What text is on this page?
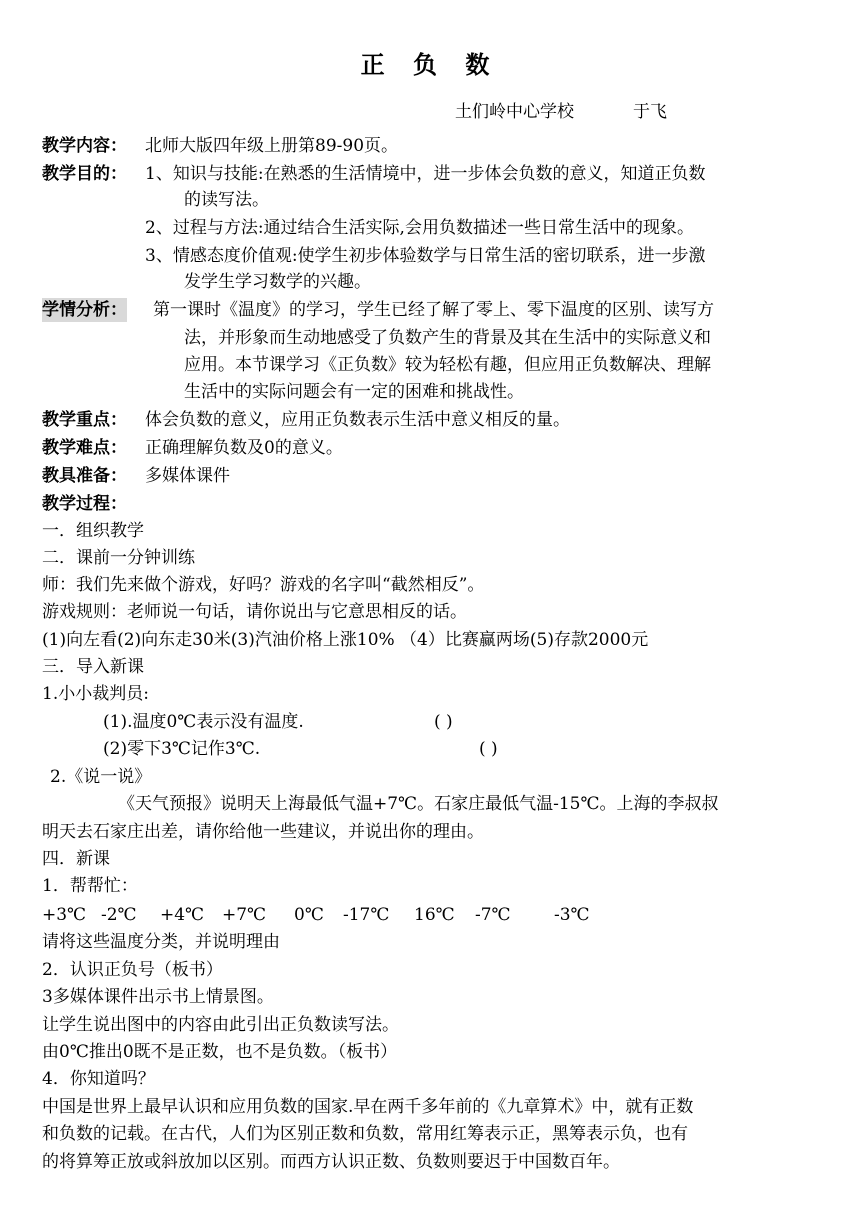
正 负 数
土们岭中心学校	于飞
教学内容： 北师大版四年级上册第89-90页。
教学目的： 1、知识与技能:在熟悉的生活情境中，进一步体会负数的意义，知道正负数
的读写法。
2、过程与方法:通过结合生活实际,会用负数描述一些日常生活中的现象。
3、情感态度价值观:使学生初步体验数学与日常生活的密切联系，进一步激
发学生学习数学的兴趣。
学情分析： 第一课时《温度》的学习，学生已经了解了零上、零下温度的区别、读写方
法，并形象而生动地感受了负数产生的背景及其在生活中的实际意义和
应用。本节课学习《正负数》较为轻松有趣，但应用正负数解决、理解
生活中的实际问题会有一定的困难和挑战性。
教学重点： 体会负数的意义，应用正负数表示生活中意义相反的量。
教学难点： 正确理解负数及0的意义。
教具准备： 多媒体课件
教学过程：
一．组织教学
二．课前一分钟训练
师：我们先来做个游戏，好吗？游戏的名字叫“截然相反”。
游戏规则：老师说一句话，请你说出与它意思相反的话。
(1)向左看(2)向东走30米(3)汽油价格上涨10% （4）比赛赢两场(5)存款2000元
三．导入新课
1.小小裁判员:
(1).温度0℃表示没有温度.	( )
(2)零下3℃记作3℃.	( )
2.《说一说》
《天气预报》说明天上海最低气温+7℃。石家庄最低气温-15℃。上海的李叔叔
明天去石家庄出差，请你给他一些建议，并说出你的理由。
四．新课
1．帮帮忙：
+3℃ -2℃ +4℃ +7℃ 0℃ -17℃ 16℃ -7℃	-3℃
请将这些温度分类，并说明理由
2．认识正负号（板书）
3多媒体课件出示书上情景图。
让学生说出图中的内容由此引出正负数读写法。
由0℃推出0既不是正数，也不是负数。（板书）
4．你知道吗？
中国是世界上最早认识和应用负数的国家.早在两千多年前的《九章算术》中，就有正数
和负数的记载。在古代，人们为区别正数和负数，常用红筹表示正，黑筹表示负，也有
的将算筹正放或斜放加以区别。而西方认识正数、负数则要迟于中国数百年。
